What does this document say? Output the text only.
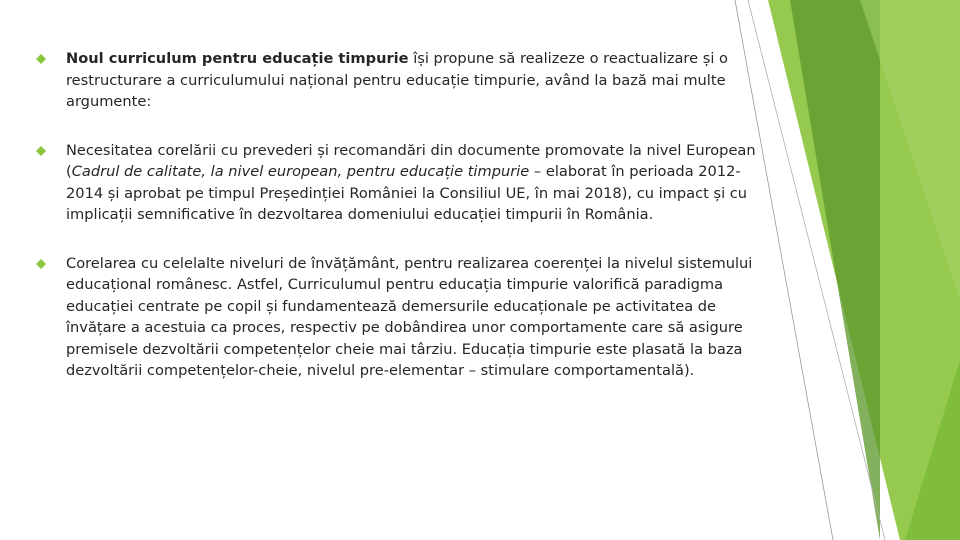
Noul curriculum pentru educație timpurie își propune să realizeze o reactualizare și o restructurare a curriculumului național pentru educație timpurie, având la bază mai multe argumente:
Necesitatea corelării cu prevederi și recomandări din documente promovate la nivel European (Cadrul de calitate, la nivel european, pentru educație timpurie – elaborat în perioada 2012-2014 și aprobat pe timpul Președinției României la Consiliul UE, în mai 2018), cu impact și cu implicații semnificative în dezvoltarea domeniului educației timpurii în România.
Corelarea cu celelalte niveluri de învățământ, pentru realizarea coerenței la nivelul sistemului educațional românesc. Astfel, Curriculumul pentru educația timpurie valorifică paradigma educației centrate pe copil și fundamentează demersurile educaționale pe activitatea de învățare a acestuia ca proces, respectiv pe dobândirea unor comportamente care să asigure premisele dezvoltării competențelor cheie mai târziu. Educația timpurie este plasată la baza dezvoltării competențelor-cheie, nivelul pre-elementar – stimulare comportamentală).
